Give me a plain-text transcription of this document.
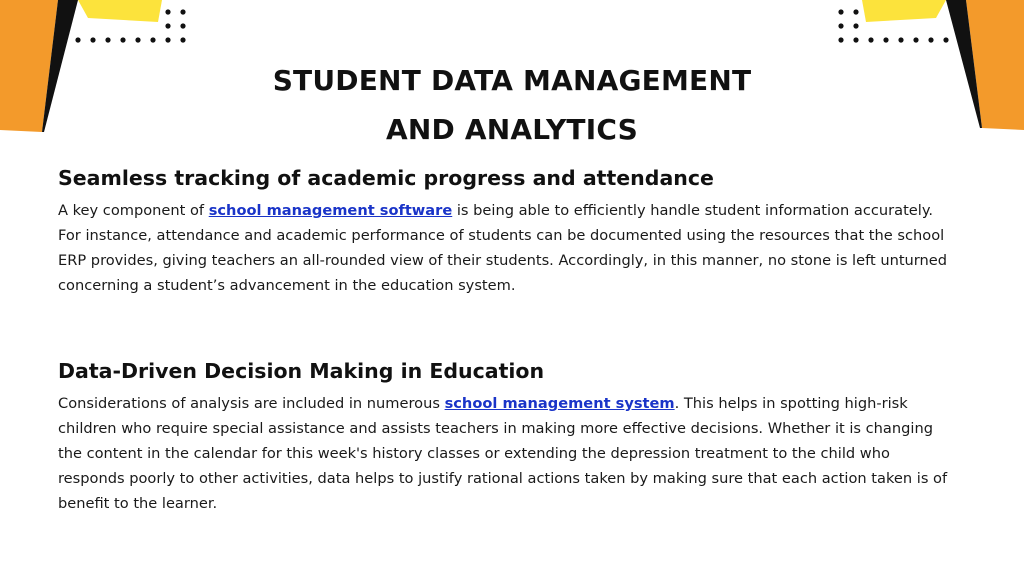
STUDENT DATA MANAGEMENT
AND ANALYTICS
Seamless tracking of academic progress and attendance

A key component of school management software is being able to efficiently handle student information accurately. For instance, attendance and academic performance of students can be documented using the resources that the school ERP provides, giving teachers an all-rounded view of their students. Accordingly, in this manner, no stone is left unturned concerning a student’s advancement in the education system.

Data-Driven Decision Making in Education

Considerations of analysis are included in numerous school management system. This helps in spotting high-risk children who require special assistance and assists teachers in making more effective decisions. Whether it is changing the content in the calendar for this week's history classes or extending the depression treatment to the child who responds poorly to other activities, data helps to justify rational actions taken by making sure that each action taken is of benefit to the learner.
